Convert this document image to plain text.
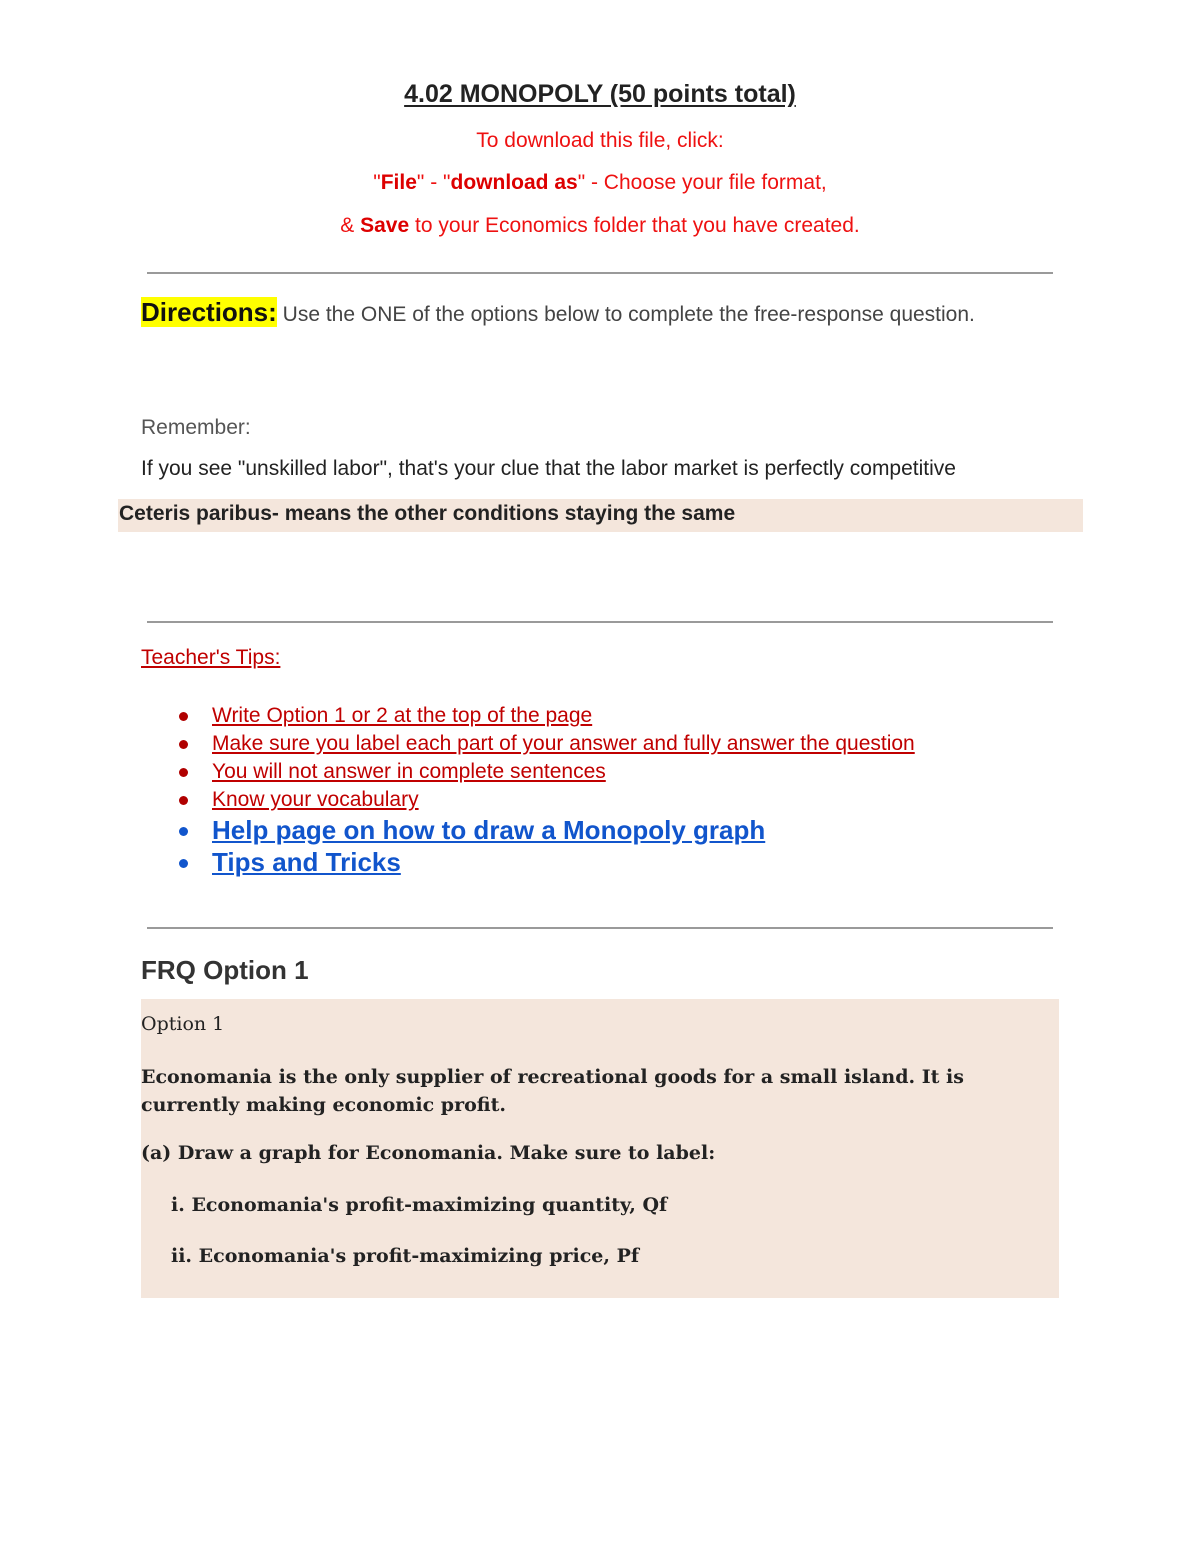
4.02 MONOPOLY (50 points total)
To download this file, click:
"File" - "download as" - Choose your file format,
& Save to your Economics folder that you have created.
Directions: Use the ONE of the options below to complete the free-response question.
Remember:
If you see "unskilled labor", that's your clue that the labor market is perfectly competitive
Ceteris paribus- means the other conditions staying the same
Teacher's Tips:
Write Option 1 or 2 at the top of the page
Make sure you label each part of your answer and fully answer the question
You will not answer in complete sentences
Know your vocabulary
Help page on how to draw a Monopoly graph
Tips and Tricks
FRQ Option 1
Option 1
Economania is the only supplier of recreational goods for a small island. It is currently making economic profit.
(a) Draw a graph for Economania. Make sure to label:
i. Economania's profit-maximizing quantity, Qf
ii. Economania's profit-maximizing price, Pf
